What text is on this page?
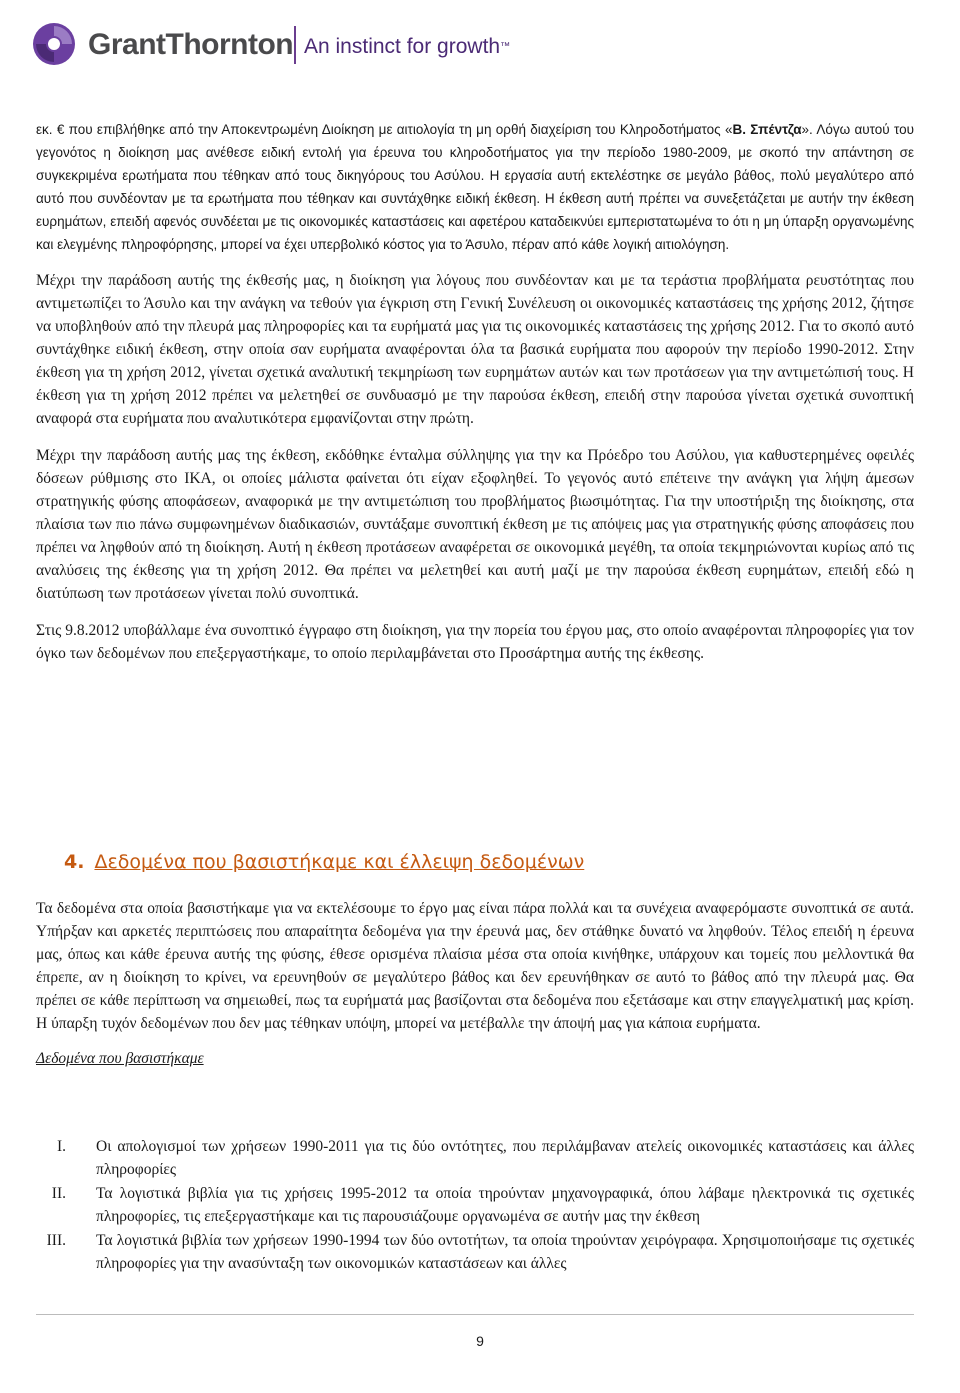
GrantThornton An instinct for growth™

εκ. € που επιβλήθηκε από την Αποκεντρωμένη Διοίκηση με αιτιολογία τη μη ορθή διαχείριση του Κληροδοτήματος «Β. Σπέντζα». Λόγω αυτού του γεγονότος η διοίκηση μας ανέθεσε ειδική εντολή για έρευνα του κληροδοτήματος για την περίοδο 1980-2009, με σκοπό την απάντηση σε συγκεκριμένα ερωτήματα που τέθηκαν από τους δικηγόρους του Ασύλου. Η εργασία αυτή εκτελέστηκε σε μεγάλο βάθος, πολύ μεγαλύτερο από αυτό που συνδέονταν με τα ερωτήματα που τέθηκαν και συντάχθηκε ειδική έκθεση. Η έκθεση αυτή πρέπει να συνεξετάζεται με αυτήν την έκθεση ευρημάτων, επειδή αφενός συνδέεται με τις οικονομικές καταστάσεις και αφετέρου καταδεικνύει εμπεριστατωμένα το ότι η μη ύπαρξη οργανωμένης και ελεγμένης πληροφόρησης, μπορεί να έχει υπερβολικό κόστος για το Άσυλο, πέραν από κάθε λογική αιτιολόγηση.

Μέχρι την παράδοση αυτής της έκθεσής μας, η διοίκηση για λόγους που συνδέονταν και με τα τεράστια προβλήματα ρευστότητας που αντιμετωπίζει το Άσυλο και την ανάγκη να τεθούν για έγκριση στη Γενική Συνέλευση οι οικονομικές καταστάσεις της χρήσης 2012, ζήτησε να υποβληθούν από την πλευρά μας πληροφορίες και τα ευρήματά μας για τις οικονομικές καταστάσεις της χρήσης 2012. Για το σκοπό αυτό συντάχθηκε ειδική έκθεση, στην οποία σαν ευρήματα αναφέρονται όλα τα βασικά ευρήματα που αφορούν την περίοδο 1990-2012. Στην έκθεση για τη χρήση 2012, γίνεται σχετικά αναλυτική τεκμηρίωση των ευρημάτων αυτών και των προτάσεων για την αντιμετώπισή τους. Η έκθεση για τη χρήση 2012 πρέπει να μελετηθεί σε συνδυασμό με την παρούσα έκθεση, επειδή στην παρούσα γίνεται σχετικά συνοπτική αναφορά στα ευρήματα που αναλυτικότερα εμφανίζονται στην πρώτη.

Μέχρι την παράδοση αυτής μας της έκθεση, εκδόθηκε ένταλμα σύλληψης για την κα Πρόεδρο του Ασύλου, για καθυστερημένες οφειλές δόσεων ρύθμισης στο ΙΚΑ, οι οποίες μάλιστα φαίνεται ότι είχαν εξοφληθεί. Το γεγονός αυτό επέτεινε την ανάγκη για λήψη άμεσων στρατηγικής φύσης αποφάσεων, αναφορικά με την αντιμετώπιση του προβλήματος βιωσιμότητας. Για την υποστήριξη της διοίκησης, στα πλαίσια των πιο πάνω συμφωνημένων διαδικασιών, συντάξαμε συνοπτική έκθεση με τις απόψεις μας για στρατηγικής φύσης αποφάσεις που πρέπει να ληφθούν από τη διοίκηση. Αυτή η έκθεση προτάσεων αναφέρεται σε οικονομικά μεγέθη, τα οποία τεκμηριώνονται κυρίως από τις αναλύσεις της έκθεσης για τη χρήση 2012. Θα πρέπει να μελετηθεί και αυτή μαζί με την παρούσα έκθεση ευρημάτων, επειδή εδώ η διατύπωση των προτάσεων γίνεται πολύ συνοπτικά.

Στις 9.8.2012 υποβάλλαμε ένα συνοπτικό έγγραφο στη διοίκηση, για την πορεία του έργου μας, στο οποίο αναφέρονται πληροφορίες για τον όγκο των δεδομένων που επεξεργαστήκαμε, το οποίο περιλαμβάνεται στο Προσάρτημα αυτής της έκθεσης.

4. Δεδομένα που βασιστήκαμε και έλλειψη δεδομένων

Τα δεδομένα στα οποία βασιστήκαμε για να εκτελέσουμε το έργο μας είναι πάρα πολλά και τα συνέχεια αναφερόμαστε συνοπτικά σε αυτά. Υπήρξαν και αρκετές περιπτώσεις που απαραίτητα δεδομένα για την έρευνά μας, δεν στάθηκε δυνατό να ληφθούν. Τέλος επειδή η έρευνα μας, όπως και κάθε έρευνα αυτής της φύσης, έθεσε ορισμένα πλαίσια μέσα στα οποία κινήθηκε, υπάρχουν και τομείς που μελλοντικά θα έπρεπε, αν η διοίκηση το κρίνει, να ερευνηθούν σε μεγαλύτερο βάθος και δεν ερευνήθηκαν σε αυτό το βάθος από την πλευρά μας. Θα πρέπει σε κάθε περίπτωση να σημειωθεί, πως τα ευρήματά μας βασίζονται στα δεδομένα που εξετάσαμε και στην επαγγελματική μας κρίση. Η ύπαρξη τυχόν δεδομένων που δεν μας τέθηκαν υπόψη, μπορεί να μετέβαλλε την άποψή μας για κάποια ευρήματα.

Δεδομένα που βασιστήκαμε

I. Οι απολογισμοί των χρήσεων 1990-2011 για τις δύο οντότητες, που περιλάμβαναν ατελείς οικονομικές καταστάσεις και άλλες πληροφορίες
II. Τα λογιστικά βιβλία για τις χρήσεις 1995-2012 τα οποία τηρούνταν μηχανογραφικά, όπου λάβαμε ηλεκτρονικά τις σχετικές πληροφορίες, τις επεξεργαστήκαμε και τις παρουσιάζουμε οργανωμένα σε αυτήν μας την έκθεση
III. Τα λογιστικά βιβλία των χρήσεων 1990-1994 των δύο οντοτήτων, τα οποία τηρούνταν χειρόγραφα. Χρησιμοποιήσαμε τις σχετικές πληροφορίες για την ανασύνταξη των οικονομικών καταστάσεων και άλλες
9
